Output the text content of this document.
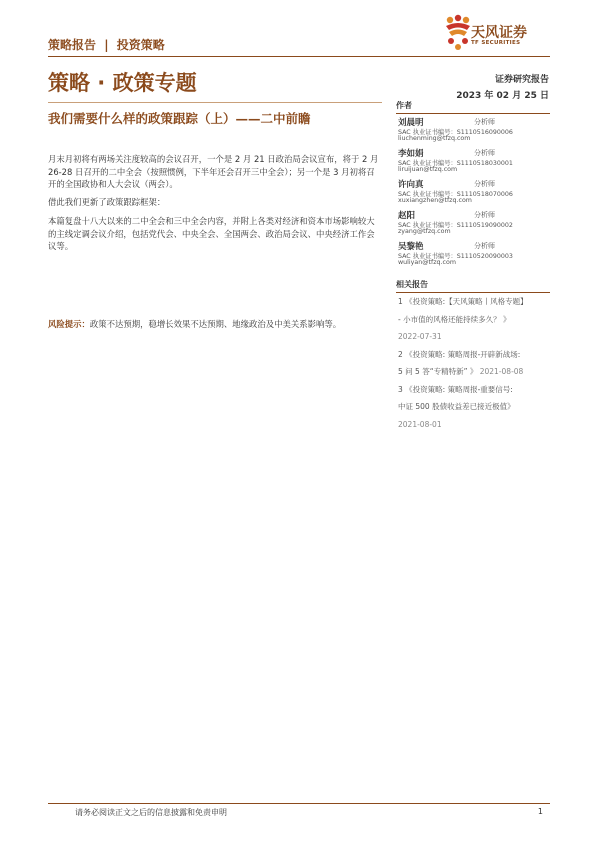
策略报告 | 投资策略
天风证券
TF SECURITIES
策略 · 政策专题	证券研究报告
2023 年 02 月 25 日
我们需要什么样的政策跟踪（上）——二中前瞻
月末月初将有两场关注度较高的会议召开，一个是 2 月 21 日政治局会议宣布，将于 2 月 26-28 日召开的二中全会（按照惯例，下半年还会召开三中全会）；另一个是 3 月初将召开的全国政协和人大会议（两会）。
借此我们更新了政策跟踪框架：
本篇复盘十八大以来的二中全会和三中全会内容，并附上各类对经济和资本市场影响较大的主线定调会议介绍，包括党代会、中央全会、全国两会、政治局会议、中央经济工作会议等。
风险提示：政策不达预期，稳增长效果不达预期、地缘政治及中美关系影响等。
作者
刘晨明	分析师
SAC 执业证书编号：S1110516090006
liuchenming@tfzq.com
李如娟	分析师
SAC 执业证书编号：S1110518030001
liruijuan@tfzq.com
许向真	分析师
SAC 执业证书编号：S1110518070006
xuxiangzhen@tfzq.com
赵阳	分析师
SAC 执业证书编号：S1110519090002
zyang@tfzq.com
吴黎艳	分析师
SAC 执业证书编号：S1110520090003
wuliyan@tfzq.com
相关报告
1 《投资策略:【天风策略丨风格专题】
- 小市值的风格还能持续多久？ 》
2022-07-31
2 《投资策略: 策略周报-开辟新战场:
5 问 5 答“专精特新” 》 2021-08-08
3 《投资策略: 策略周报-重要信号:
中证 500 股债收益差已接近极值》
2021-08-01
请务必阅读正文之后的信息披露和免责申明	1
